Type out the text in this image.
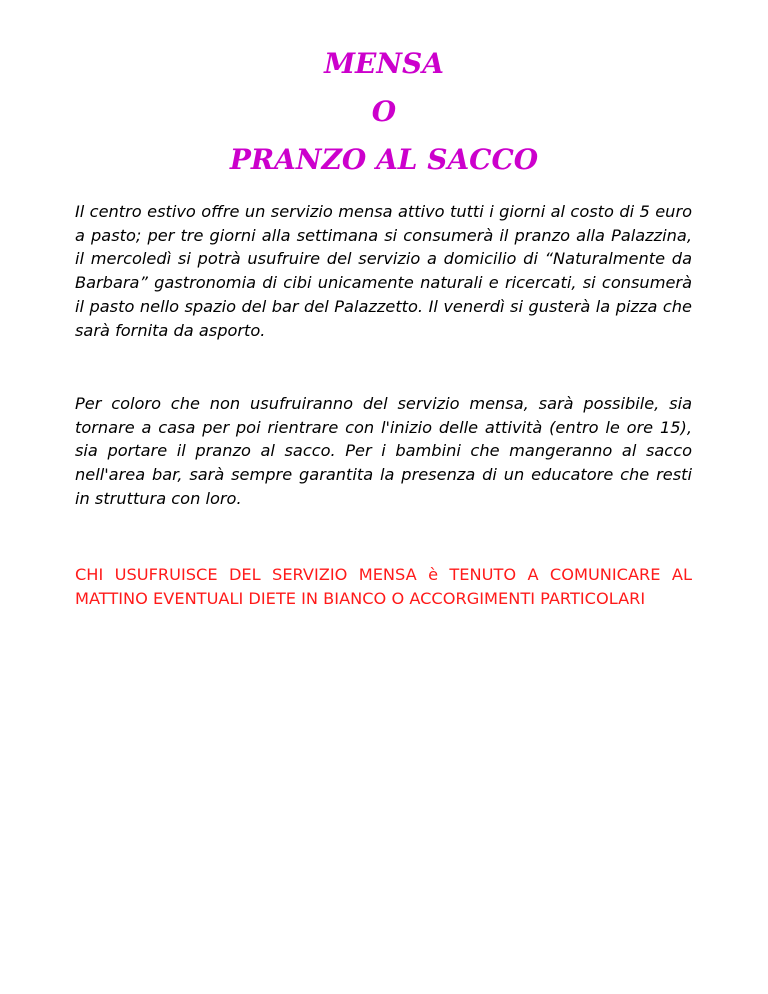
MENSA
O
PRANZO AL SACCO

Il centro estivo offre un servizio mensa attivo tutti i giorni al costo di 5 euro a pasto; per tre giorni alla settimana si consumerà il pranzo alla Palazzina, il mercoledì si potrà usufruire del servizio a domicilio di “Naturalmente da Barbara” gastronomia di cibi unicamente naturali e ricercati, si consumerà il pasto nello spazio del bar del Palazzetto. Il venerdì si gusterà la pizza che sarà fornita da asporto.

Per coloro che non usufruiranno del servizio mensa, sarà possibile, sia tornare a casa per poi rientrare con l'inizio delle attività (entro le ore 15), sia portare il pranzo al sacco. Per i bambini che mangeranno al sacco nell'area bar, sarà sempre garantita la presenza di un educatore che resti in struttura con loro.

CHI USUFRUISCE DEL SERVIZIO MENSA è TENUTO A COMUNICARE AL MATTINO EVENTUALI DIETE IN BIANCO O ACCORGIMENTI PARTICOLARI
